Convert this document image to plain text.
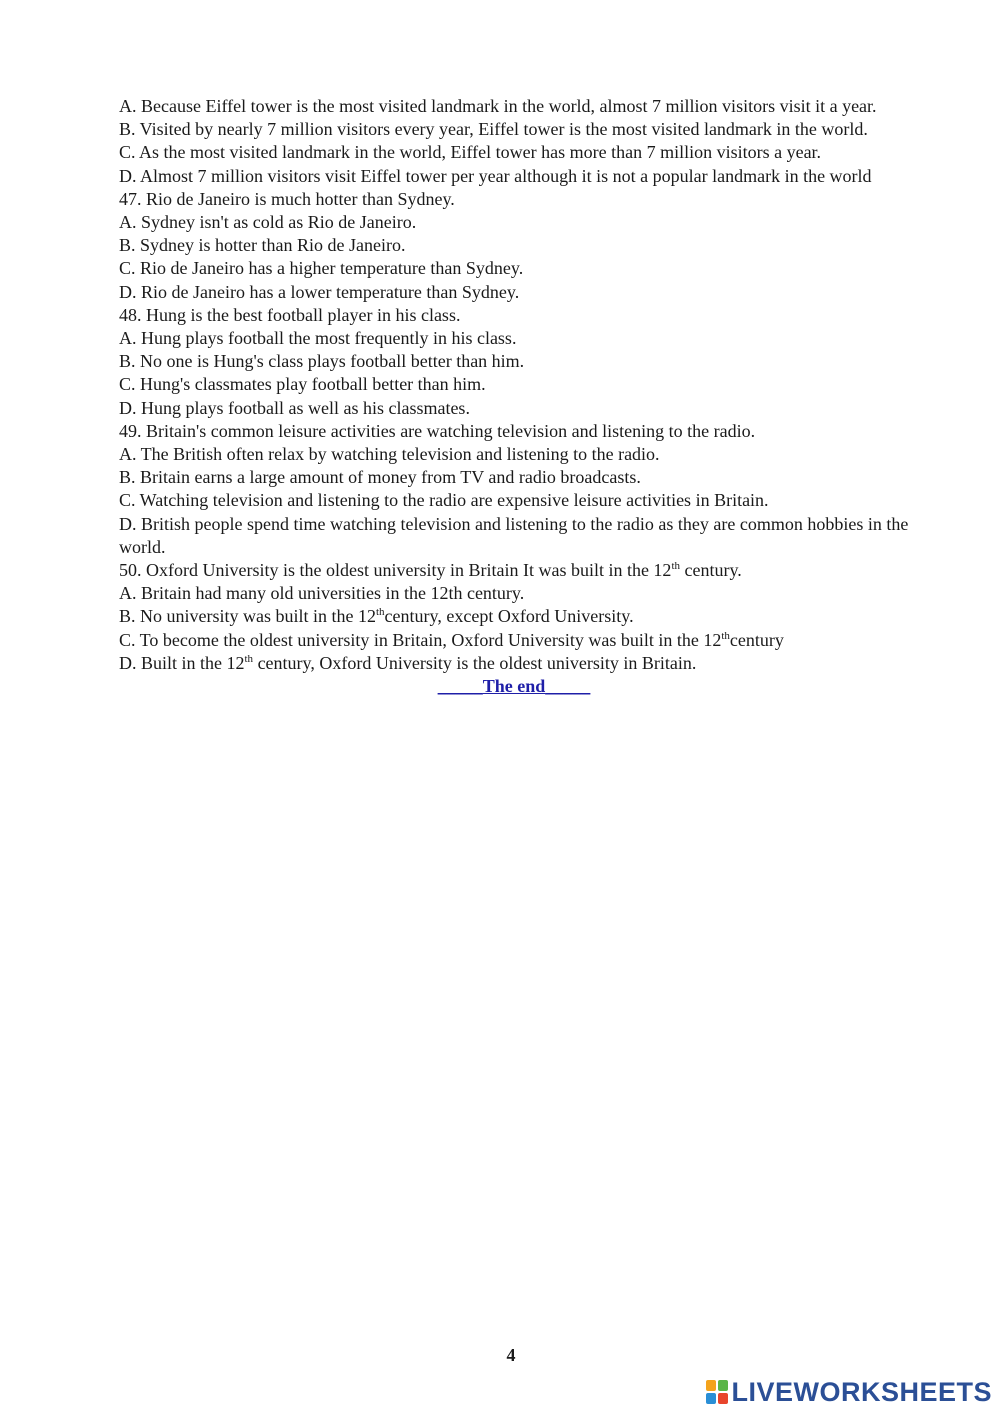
A. Because Eiffel tower is the most visited landmark in the world, almost 7 million visitors visit it a year.

B. Visited by nearly 7 million visitors every year, Eiffel tower is the most visited landmark in the world.

C. As the most visited landmark in the world, Eiffel tower has more than 7 million visitors a year.

D. Almost 7 million visitors visit Eiffel tower per year although it is not a popular landmark in the world

47. Rio de Janeiro is much hotter than Sydney.

A. Sydney isn't as cold as Rio de Janeiro.

B. Sydney is hotter than Rio de Janeiro.

C. Rio de Janeiro has a higher temperature than Sydney.

D. Rio de Janeiro has a lower temperature than Sydney.

48. Hung is the best football player in his class.

A. Hung plays football the most frequently in his class.

B. No one is Hung's class plays football better than him.

C. Hung's classmates play football better than him.

D. Hung plays football as well as his classmates.

49. Britain's common leisure activities are watching television and listening to the radio.

A. The British often relax by watching television and listening to the radio.

B. Britain earns a large amount of money from TV and radio broadcasts.

C. Watching television and listening to the radio are expensive leisure activities in Britain.

D. British people spend time watching television and listening to the radio as they are common hobbies in the world.

50. Oxford University is the oldest university in Britain It was built in the 12th century.

A. Britain had many old universities in the 12th century.

B. No university was built in the 12thcentury, except Oxford University.

C. To become the oldest university in Britain, Oxford University was built in the 12thcentury

D. Built in the 12th century, Oxford University is the oldest university in Britain.

_____The end_____

4
LIVEWORKSHEETS
